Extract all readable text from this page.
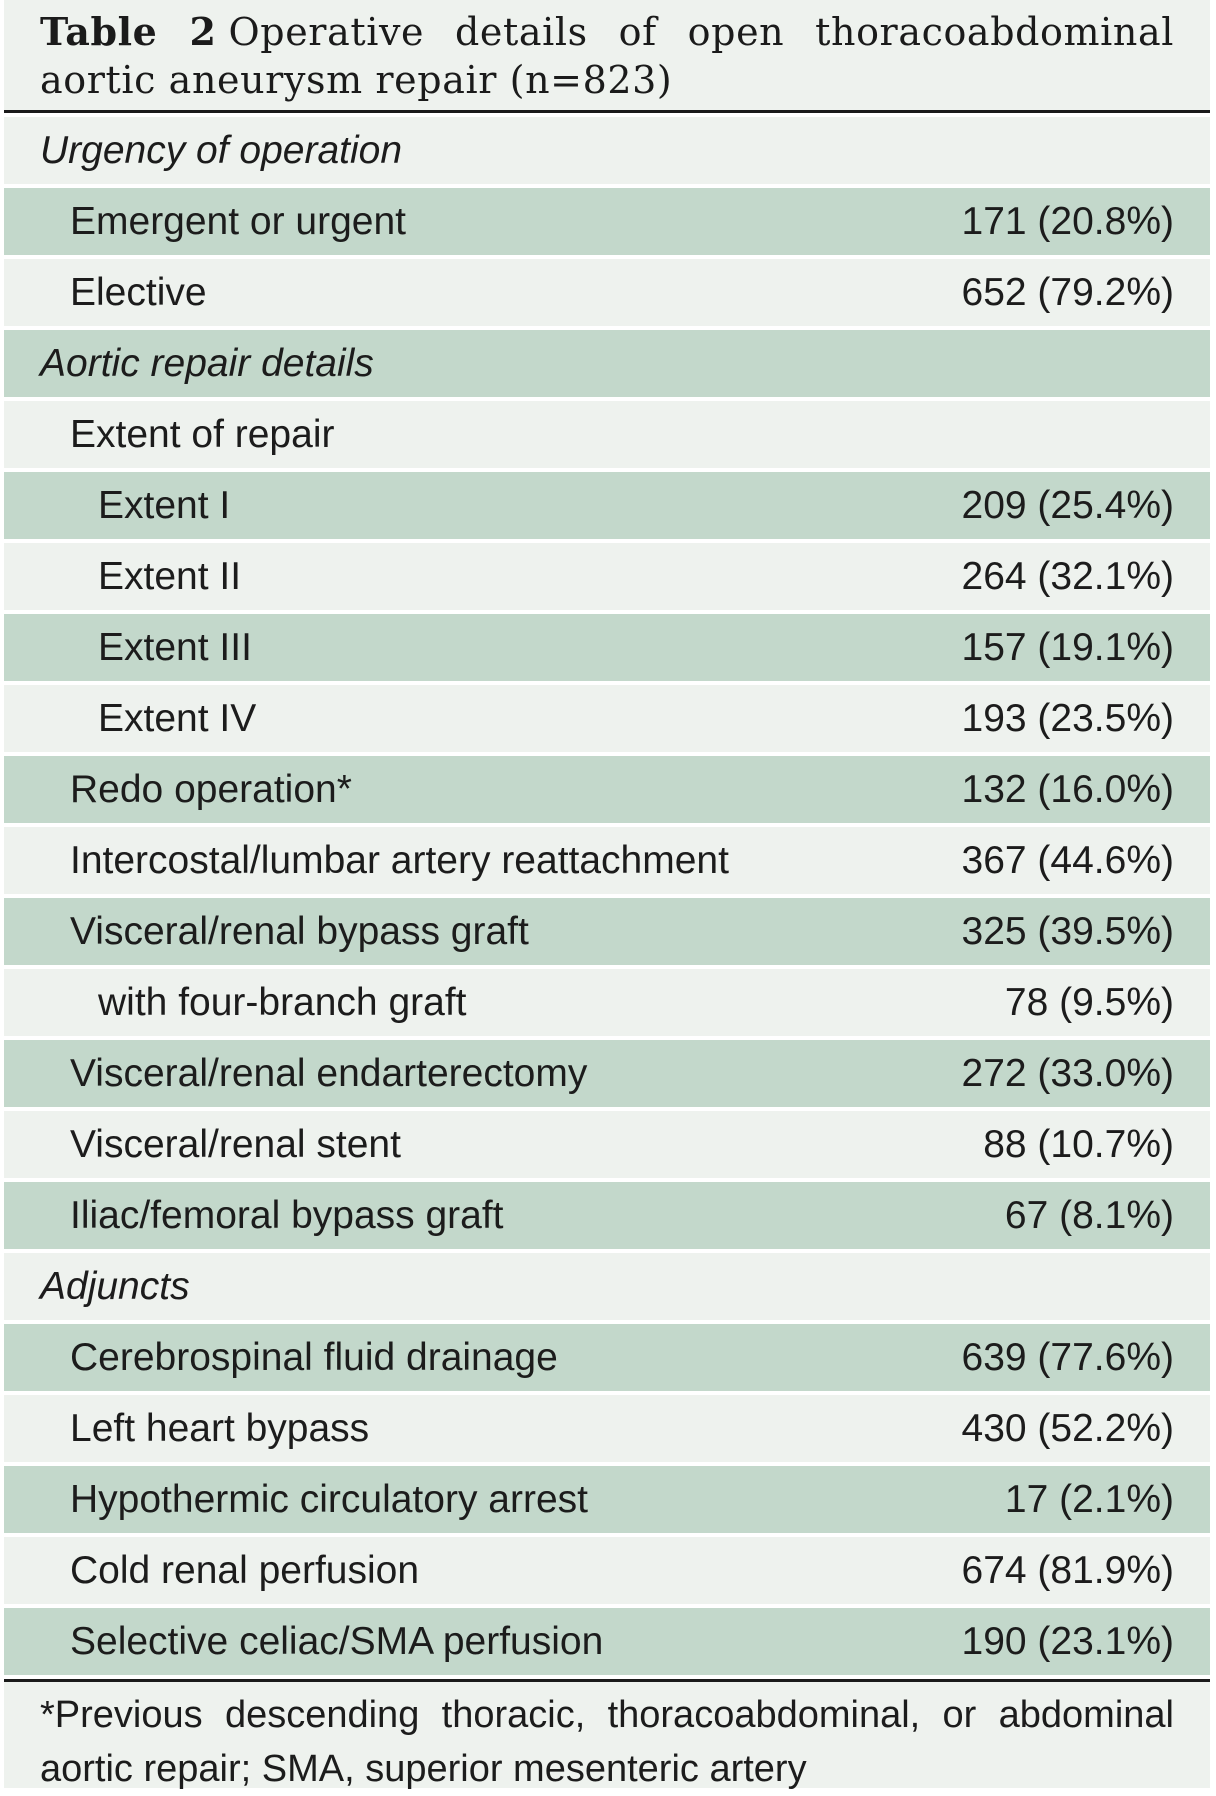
Table 2 Operative details of open thoracoabdominal aortic aneurysm repair (n=823)
Urgency of operation
Emergent or urgent	171 (20.8%)
Elective	652 (79.2%)
Aortic repair details
Extent of repair
Extent I	209 (25.4%)
Extent II	264 (32.1%)
Extent III	157 (19.1%)
Extent IV	193 (23.5%)
Redo operation*	132 (16.0%)
Intercostal/lumbar artery reattachment	367 (44.6%)
Visceral/renal bypass graft	325 (39.5%)
with four-branch graft	78 (9.5%)
Visceral/renal endarterectomy	272 (33.0%)
Visceral/renal stent	88 (10.7%)
Iliac/femoral bypass graft	67 (8.1%)
Adjuncts
Cerebrospinal fluid drainage	639 (77.6%)
Left heart bypass	430 (52.2%)
Hypothermic circulatory arrest	17 (2.1%)
Cold renal perfusion	674 (81.9%)
Selective celiac/SMA perfusion	190 (23.1%)
*Previous descending thoracic, thoracoabdominal, or abdominal aortic repair; SMA, superior mesenteric artery
